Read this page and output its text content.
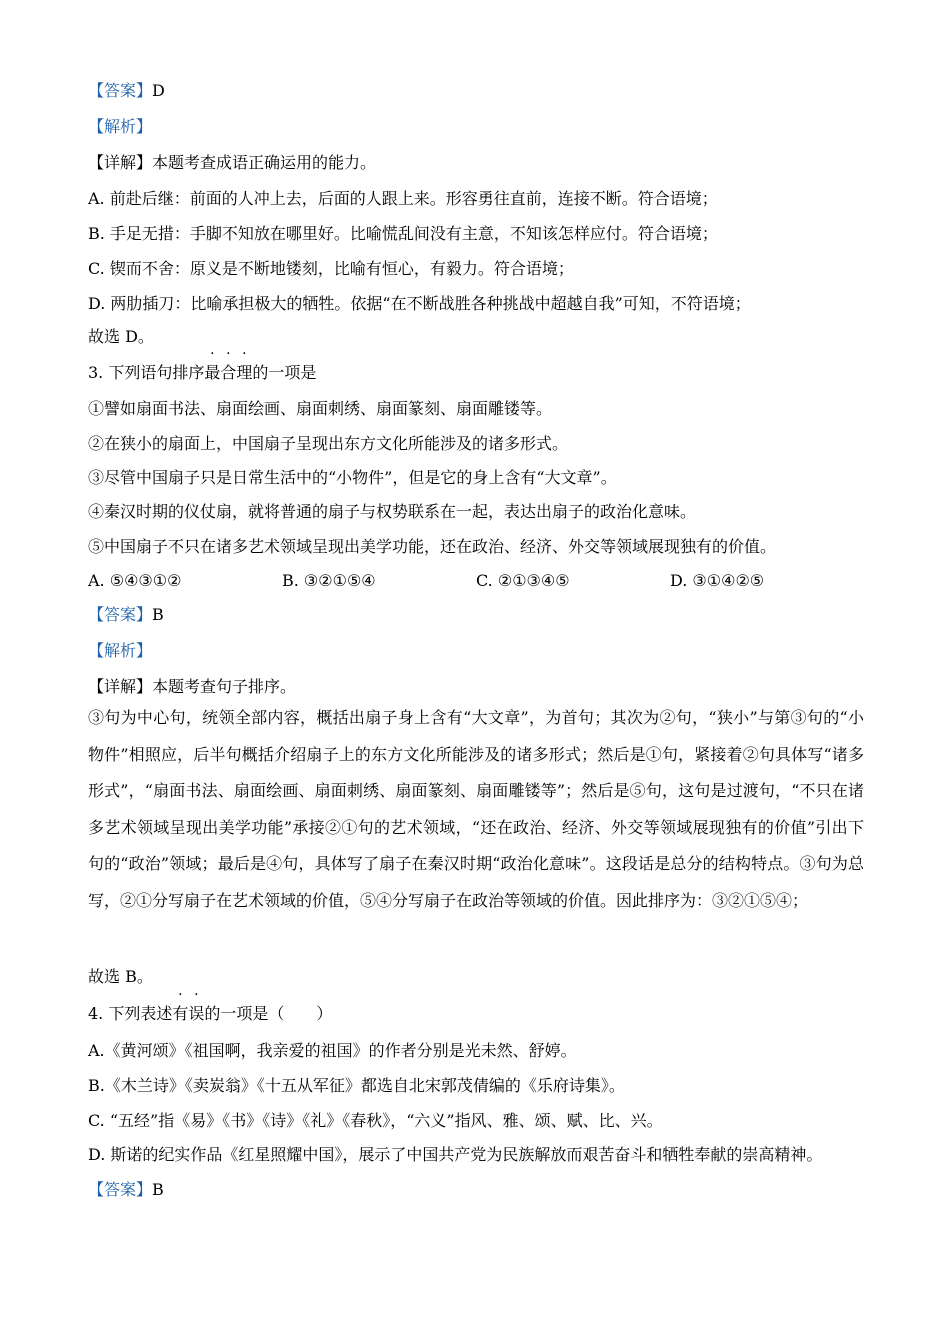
【答案】D
【解析】
【详解】本题考查成语正确运用的能力。
A. 前赴后继：前面的人冲上去，后面的人跟上来。形容勇往直前，连接不断。符合语境；
B. 手足无措：手脚不知放在哪里好。比喻慌乱间没有主意，不知该怎样应付。符合语境；
C. 锲而不舍：原义是不断地镂刻，比喻有恒心，有毅力。符合语境；
D. 两肋插刀：比喻承担极大的牺牲。依据“在不断战胜各种挑战中超越自我”可知，不符语境；
故选 D。
3. 下列语句排序最合理的一项是
①譬如扇面书法、扇面绘画、扇面刺绣、扇面篆刻、扇面雕镂等。
②在狭小的扇面上，中国扇子呈现出东方文化所能涉及的诸多形式。
③尽管中国扇子只是日常生活中的“小物件”，但是它的身上含有“大文章”。
④秦汉时期的仪仗扇，就将普通的扇子与权势联系在一起，表达出扇子的政治化意味。
⑤中国扇子不只在诸多艺术领域呈现出美学功能，还在政治、经济、外交等领域展现独有的价值。
A. ⑤④③①②	B. ③②①⑤④	C. ②①③④⑤	D. ③①④②⑤
【答案】B
【解析】
【详解】本题考查句子排序。
③句为中心句，统领全部内容，概括出扇子身上含有“大文章”，为首句；其次为②句，“狭小”与第③句的“小物件”相照应，后半句概括介绍扇子上的东方文化所能涉及的诸多形式；然后是①句，紧接着②句具体写“诸多形式”，“扇面书法、扇面绘画、扇面刺绣、扇面篆刻、扇面雕镂等”；然后是⑤句，这句是过渡句，“不只在诸多艺术领域呈现出美学功能”承接②①句的艺术领域，“还在政治、经济、外交等领域展现独有的价值”引出下句的“政治”领域；最后是④句，具体写了扇子在秦汉时期“政治化意味”。这段话是总分的结构特点。③句为总写，②①分写扇子在艺术领域的价值，⑤④分写扇子在政治等领域的价值。因此排序为：③②①⑤④；
故选 B。
4. 下列表述有误的一项是（　　）
A.《黄河颂》《祖国啊，我亲爱的祖国》的作者分别是光未然、舒婷。
B.《木兰诗》《卖炭翁》《十五从军征》都选自北宋郭茂倩编的《乐府诗集》。
C. “五经”指《易》《书》《诗》《礼》《春秋》，“六义”指风、雅、颂、赋、比、兴。
D. 斯诺的纪实作品《红星照耀中国》，展示了中国共产党为民族解放而艰苦奋斗和牺牲奉献的崇高精神。
【答案】B
